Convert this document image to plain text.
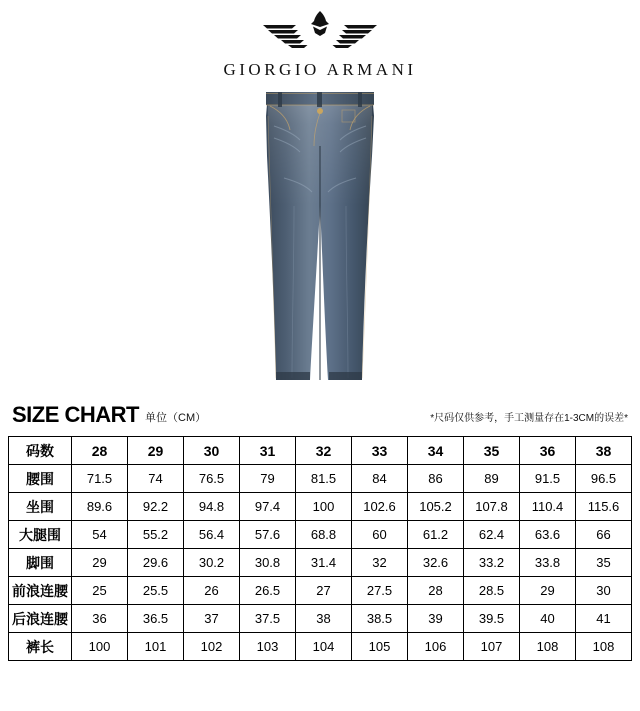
GIORGIO ARMANI
SIZE CHART 单位（CM）	*尺码仅供参考，手工测量存在1-3CM的误差*
码数	28	29	30	31	32	33	34	35	36	38
腰围	71.5	74	76.5	79	81.5	84	86	89	91.5	96.5
坐围	89.6	92.2	94.8	97.4	100	102.6	105.2	107.8	110.4	115.6
大腿围	54	55.2	56.4	57.6	68.8	60	61.2	62.4	63.6	66
脚围	29	29.6	30.2	30.8	31.4	32	32.6	33.2	33.8	35
前浪连腰	25	25.5	26	26.5	27	27.5	28	28.5	29	30
后浪连腰	36	36.5	37	37.5	38	38.5	39	39.5	40	41
裤长	100	101	102	103	104	105	106	107	108	108
